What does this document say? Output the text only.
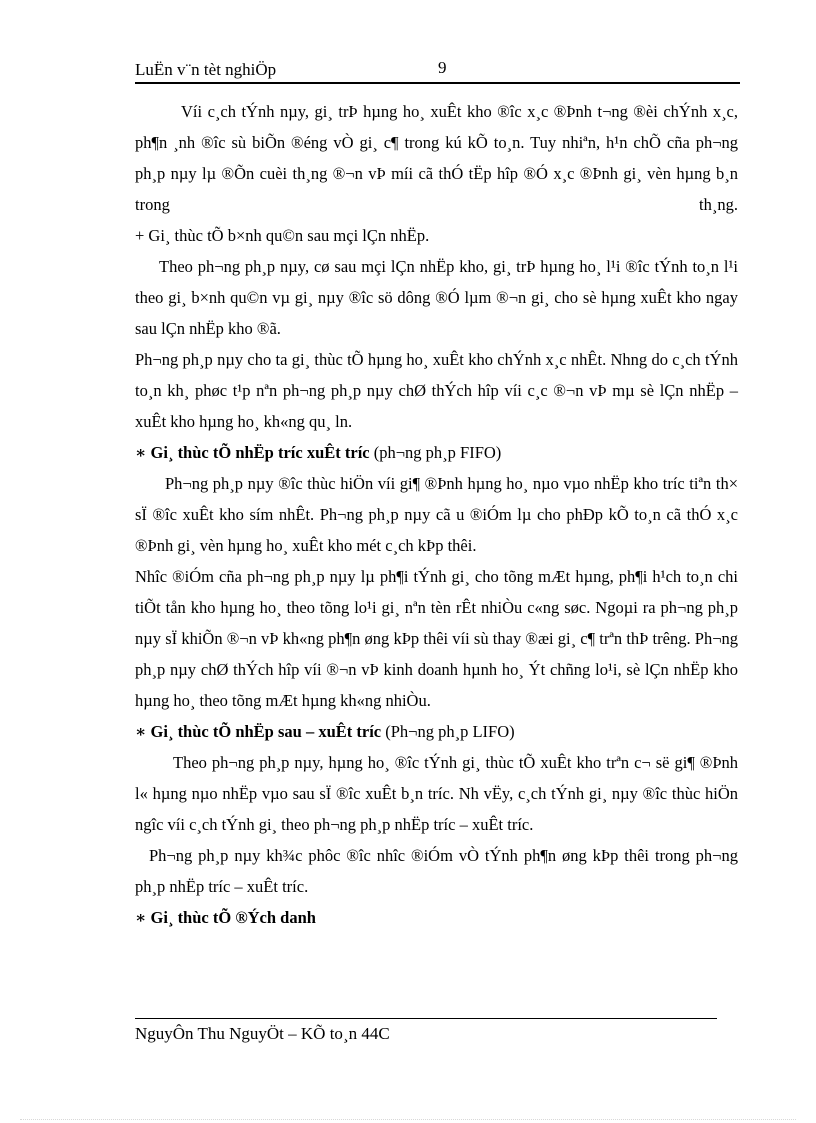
LuËn v¨n tèt nghiÖp	9

Víi c¸ch tÝnh nµy, gi¸ trÞ hµng ho¸ xuÊt kho ®îc x¸c ®Þnh t¬ng ®èi chÝnh x¸c, ph¶n ¸nh ®îc sù biÕn ®éng vÒ gi¸ c¶ trong kú kÕ to¸n. Tuy nhiªn, h¹n chÕ cña ph¬ng ph¸p nµy lµ ®Õn cuèi th¸ng ®¬n vÞ míi cã thÓ tËp hîp ®Ó x¸c ®Þnh gi¸ vèn hµng b¸n trong th¸ng.

+ Gi¸ thùc tÕ b×nh qu©n sau mçi lÇn nhËp.

Theo ph¬ng ph¸p nµy, cø sau mçi lÇn nhËp kho, gi¸ trÞ hµng ho¸ l¹i ®îc tÝnh to¸n l¹i theo gi¸ b×nh qu©n vµ gi¸ nµy ®îc sö dông ®Ó lµm ®¬n gi¸ cho sè hµng xuÊt kho ngay sau lÇn nhËp kho ®ã.

Ph¬ng ph¸p nµy cho ta gi¸ thùc tÕ hµng ho¸ xuÊt kho chÝnh x¸c nhÊt. Nhng do c¸ch tÝnh to¸n kh¸ phøc t¹p nªn ph¬ng ph¸p nµy chØ thÝch hîp víi c¸c ®¬n vÞ mµ sè lÇn nhËp – xuÊt kho hµng ho¸ kh«ng qu¸ ln.

∗ Gi¸ thùc tÕ nhËp tríc xuÊt tríc (ph¬ng ph¸p FIFO)

Ph¬ng ph¸p nµy ®îc thùc hiÖn víi gi¶ ®Þnh hµng ho¸ nµo vµo nhËp kho tríc tiªn th× sÏ ®îc xuÊt kho sím nhÊt. Ph¬ng ph¸p nµy cã u ®iÓm lµ cho phÐp kÕ to¸n cã thÓ x¸c ®Þnh gi¸ vèn hµng ho¸ xuÊt kho mét c¸ch kÞp thêi.

Nhîc ®iÓm cña ph¬ng ph¸p nµy lµ ph¶i tÝnh gi¸ cho tõng mÆt hµng, ph¶i h¹ch to¸n chi tiÕt tån kho hµng ho¸ theo tõng lo¹i gi¸ nªn tèn rÊt nhiÒu c«ng søc. Ngoµi ra ph¬ng ph¸p nµy sÏ khiÕn ®¬n vÞ kh«ng ph¶n øng kÞp thêi víi sù thay ®æi gi¸ c¶ trªn thÞ trêng. Ph¬ng ph¸p nµy chØ thÝch hîp víi ®¬n vÞ kinh doanh hµnh ho¸ Ýt chñng lo¹i, sè lÇn nhËp kho hµng ho¸ theo tõng mÆt hµng kh«ng nhiÒu.

∗ Gi¸ thùc tÕ nhËp sau – xuÊt tríc (Ph¬ng ph¸p LIFO)

Theo ph¬ng ph¸p nµy, hµng ho¸ ®îc tÝnh gi¸ thùc tÕ xuÊt kho trªn c¬ së gi¶ ®Þnh l« hµng nµo nhËp vµo sau sÏ ®îc xuÊt b¸n tríc. Nh vËy, c¸ch tÝnh gi¸ nµy ®îc thùc hiÖn ngîc víi c¸ch tÝnh gi¸ theo ph¬ng ph¸p nhËp tríc – xuÊt tríc.

Ph¬ng ph¸p nµy kh¾c phôc ®îc nhîc ®iÓm vÒ tÝnh ph¶n øng kÞp thêi trong ph¬ng ph¸p nhËp tríc – xuÊt tríc.

∗ Gi¸ thùc tÕ ®Ých danh

NguyÔn Thu NguyÖt – KÕ to¸n 44C
